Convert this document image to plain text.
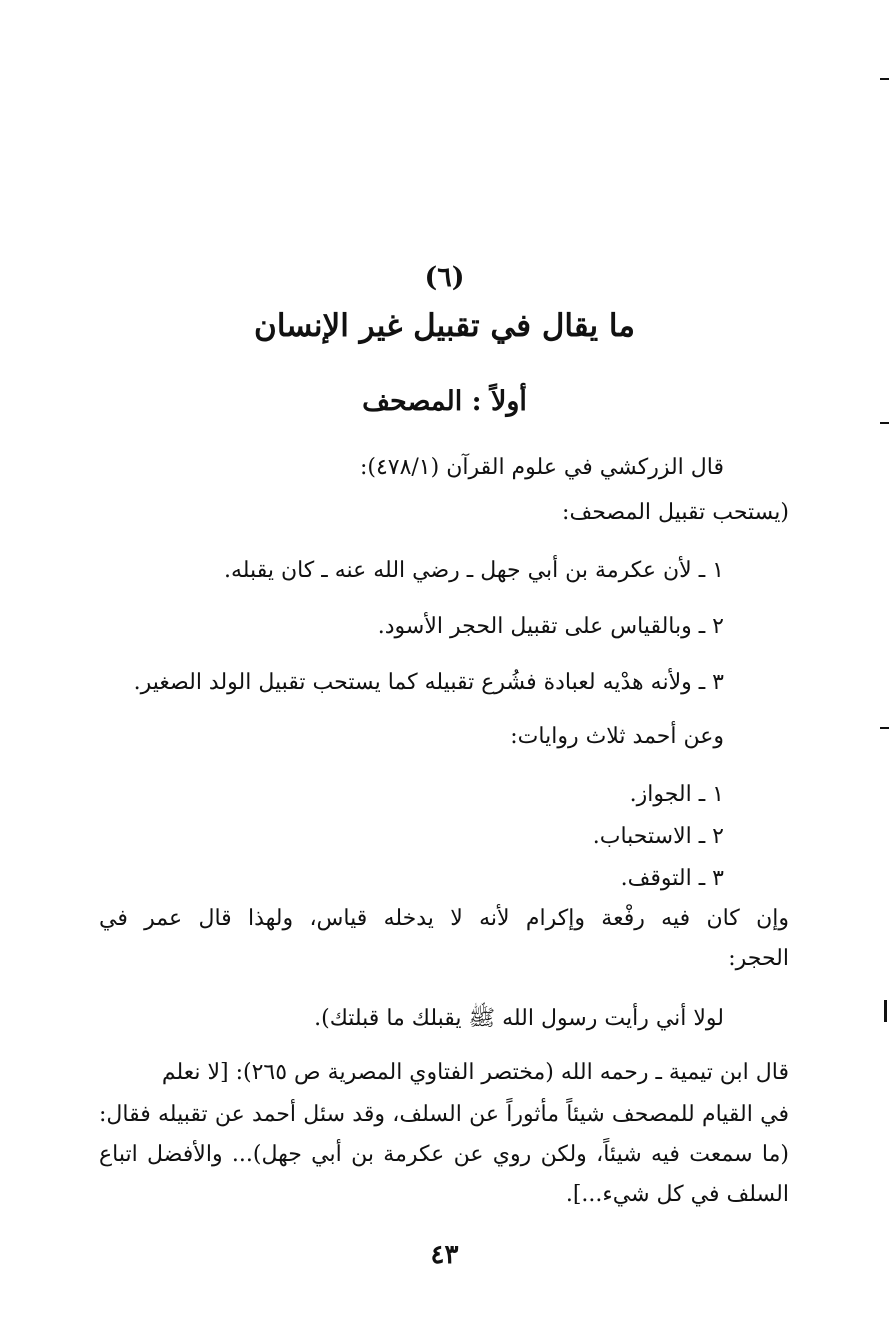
(٦)
ما يقال في تقبيل غير الإنسان
أولاً : المصحف
قال الزركشي في علوم القرآن (٤٧٨/١):
(يستحب تقبيل المصحف:
١ ـ لأن عكرمة بن أبي جهل ـ رضي الله عنه ـ كان يقبله.
٢ ـ وبالقياس على تقبيل الحجر الأسود.
٣ ـ ولأنه هدْيه لعبادة فشُرع تقبيله كما يستحب تقبيل الولد الصغير.
وعن أحمد ثلاث روايات:
١ ـ الجواز.
٢ ـ الاستحباب.
٣ ـ التوقف.
وإن كان فيه رفْعة وإكرام لأنه لا يدخله قياس، ولهذا قال عمر في
الحجر:
لولا أني رأيت رسول الله ﷺ يقبلك ما قبلتك).
قال ابن تيمية ـ رحمه الله (مختصر الفتاوي المصرية ص ٢٦٥): [لا نعلم
في القيام للمصحف شيئاً مأثوراً عن السلف، وقد سئل أحمد عن تقبيله فقال:
(ما سمعت فيه شيئاً، ولكن روي عن عكرمة بن أبي جهل)... والأفضل اتباع
السلف في كل شيء...].
٤٣
